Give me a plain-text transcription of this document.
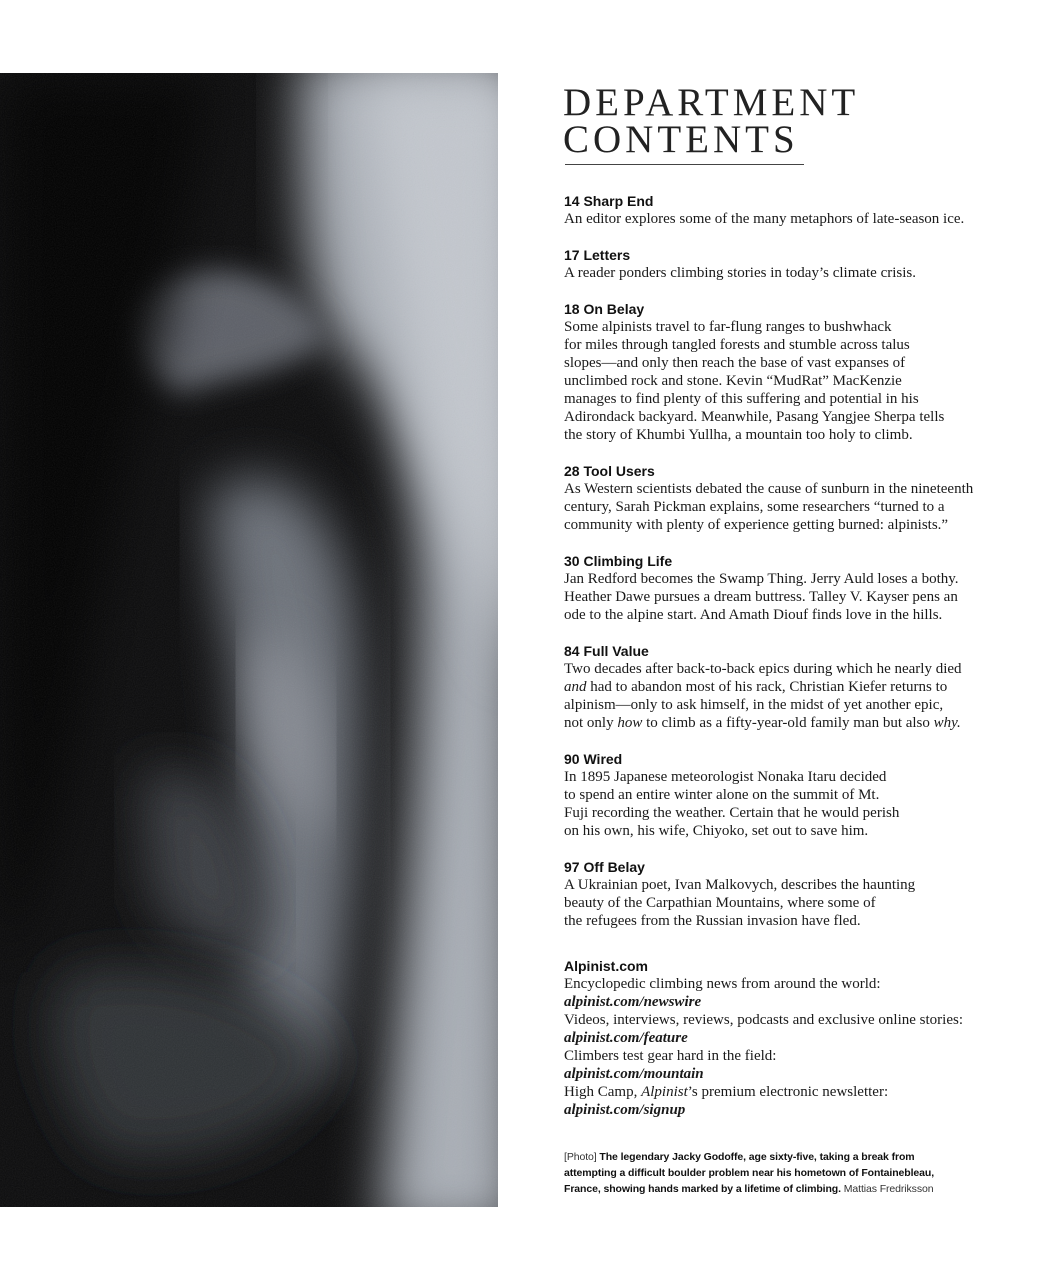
DEPARTMENT
CONTENTS
14 Sharp End

An editor explores some of the many metaphors of late-season ice.

17 Letters

A reader ponders climbing stories in today’s climate crisis.

18 On Belay

Some alpinists travel to far-flung ranges to bushwhack
for miles through tangled forests and stumble across talus
slopes—and only then reach the base of vast expanses of
unclimbed rock and stone. Kevin “MudRat” MacKenzie
manages to find plenty of this suffering and potential in his
Adirondack backyard. Meanwhile, Pasang Yangjee Sherpa tells
the story of Khumbi Yullha, a mountain too holy to climb.

28 Tool Users

As Western scientists debated the cause of sunburn in the nineteenth
century, Sarah Pickman explains, some researchers “turned to a
community with plenty of experience getting burned: alpinists.”

30 Climbing Life

Jan Redford becomes the Swamp Thing. Jerry Auld loses a bothy.
Heather Dawe pursues a dream buttress. Talley V. Kayser pens an
ode to the alpine start. And Amath Diouf finds love in the hills.

84 Full Value

Two decades after back-to-back epics during which he nearly died
and had to abandon most of his rack, Christian Kiefer returns to
alpinism—only to ask himself, in the midst of yet another epic,
not only how to climb as a fifty-year-old family man but also why.

90 Wired

In 1895 Japanese meteorologist Nonaka Itaru decided
to spend an entire winter alone on the summit of Mt.
Fuji recording the weather. Certain that he would perish
on his own, his wife, Chiyoko, set out to save him.

97 Off Belay

A Ukrainian poet, Ivan Malkovych, describes the haunting
beauty of the Carpathian Mountains, where some of
the refugees from the Russian invasion have fled.

Alpinist.com
Encyclopedic climbing news from around the world:
alpinist.com/newswire
Videos, interviews, reviews, podcasts and exclusive online stories:
alpinist.com/feature
Climbers test gear hard in the field:
alpinist.com/mountain
High Camp, Alpinist’s premium electronic newsletter:
alpinist.com/signup
[Photo] The legendary Jacky Godoffe, age sixty-five, taking a break from attempting a difficult boulder problem near his hometown of Fontainebleau, France, showing hands marked by a lifetime of climbing. Mattias Fredriksson
